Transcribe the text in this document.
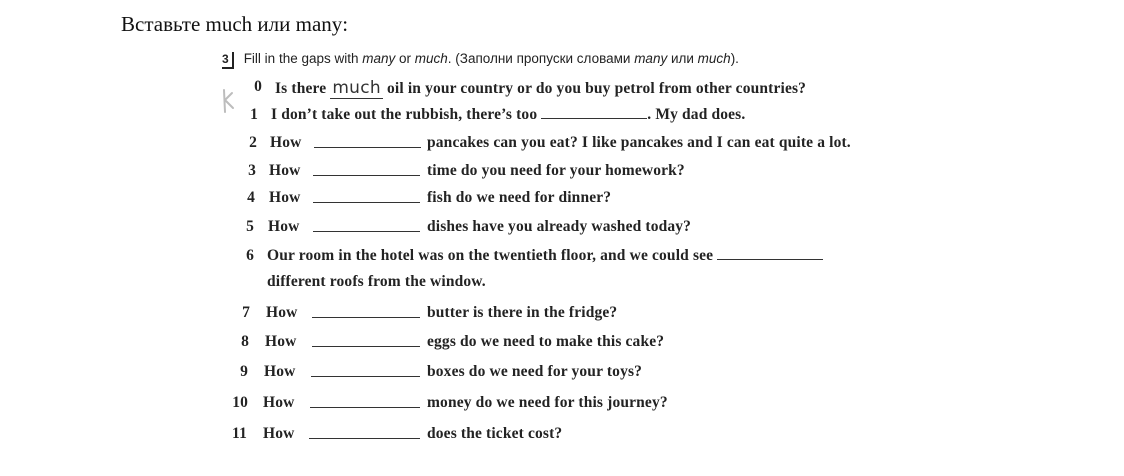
Вставьте much или many:
3 Fill in the gaps with many or much. (Заполни пропуски словами many или much).
0 Is there much oil in your country or do you buy petrol from other countries?
1 I don’t take out the rubbish, there’s too	. My dad does.
2 How	pancakes can you eat? I like pancakes and I can eat quite a lot.
3 How	time do you need for your homework?
4 How	fish do we need for dinner?
5 How	dishes have you already washed today?
6 Our room in the hotel was on the twentieth floor, and we could see
different roofs from the window.
7 How	butter is there in the fridge?
8 How	eggs do we need to make this cake?
9 How	boxes do we need for your toys?
10 How	money do we need for this journey?
11 How	does the ticket cost?
